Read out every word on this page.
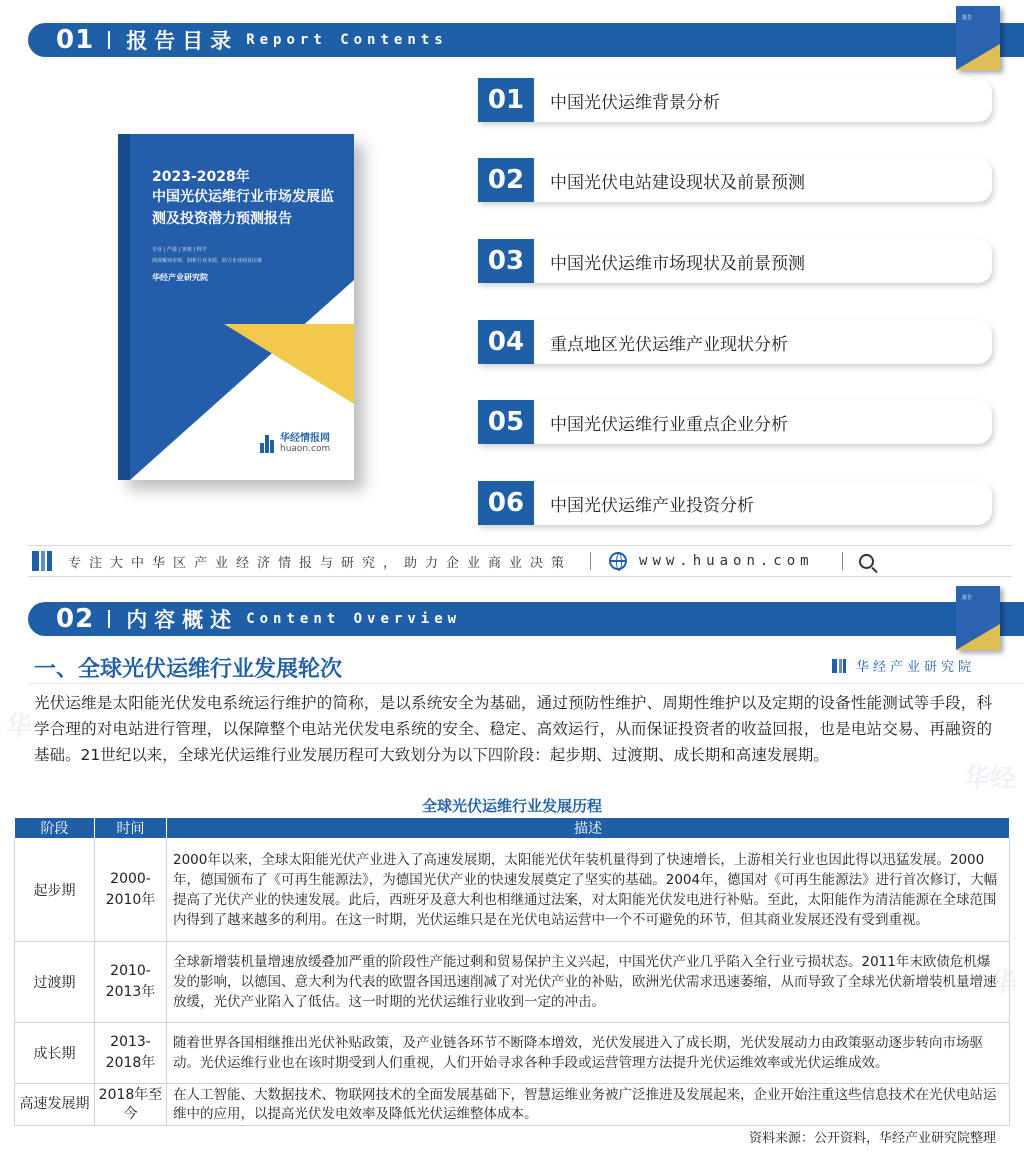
华
华经
华
01 报告目录 Report Contents
报告
2023-2028年
中国光伏运维行业市场发展监测及投资潜力预测报告
专业 | 严谨 | 客观 | 科学
深度解读市场，洞析行业本质，助力企业商业决策
华经产业研究院
华经情报网
huaon.com
01	中国光伏运维背景分析
02	中国光伏电站建设现状及前景预测
03	中国光伏运维市场现状及前景预测
04	重点地区光伏运维产业现状分析
05	中国光伏运维行业重点企业分析
06	中国光伏运维产业投资分析
专注大中华区产业经济情报与研究，助力企业商业决策	www.huaon.com
02 内容概述 Content Overview
报告
一、全球光伏运维行业发展轮次	华经产业研究院
光伏运维是太阳能光伏发电系统运行维护的简称，是以系统安全为基础，通过预防性维护、周期性维护以及定期的设备性能测试等手段，科学合理的对电站进行管理，以保障整个电站光伏发电系统的安全、稳定、高效运行，从而保证投资者的收益回报，也是电站交易、再融资的基础。21世纪以来，全球光伏运维行业发展历程可大致划分为以下四阶段：起步期、过渡期、成长期和高速发展期。
全球光伏运维行业发展历程
阶段	时间	描述
起步期	2000-2010年	2000年以来，全球太阳能光伏产业进入了高速发展期，太阳能光伏年装机量得到了快速增长，上游相关行业也因此得以迅猛发展。2000年，德国颁布了《可再生能源法》，为德国光伏产业的快速发展奠定了坚实的基础。2004年，德国对《可再生能源法》进行首次修订，大幅提高了光伏产业的快速发展。此后，西班牙及意大利也相继通过法案，对太阳能光伏发电进行补贴。至此，太阳能作为清洁能源在全球范围内得到了越来越多的利用。在这一时期，光伏运维只是在光伏电站运营中一个不可避免的环节，但其商业发展还没有受到重视。
过渡期	2010-2013年	全球新增装机量增速放缓叠加严重的阶段性产能过剩和贸易保护主义兴起，中国光伏产业几乎陷入全行业亏损状态。2011年末欧债危机爆发的影响，以德国、意大利为代表的欧盟各国迅速削减了对光伏产业的补贴，欧洲光伏需求迅速萎缩，从而导致了全球光伏新增装机量增速放缓，光伏产业陷入了低估。这一时期的光伏运维行业收到一定的冲击。
成长期	2013-2018年	随着世界各国相继推出光伏补贴政策，及产业链各环节不断降本增效，光伏发展进入了成长期，光伏发展动力由政策驱动逐步转向市场驱动。光伏运维行业也在该时期受到人们重视，人们开始寻求各种手段或运营管理方法提升光伏运维效率或光伏运维成效。
高速发展期	2018年至今	在人工智能、大数据技术、物联网技术的全面发展基础下，智慧运维业务被广泛推进及发展起来，企业开始注重这些信息技术在光伏电站运维中的应用，以提高光伏发电效率及降低光伏运维整体成本。
资料来源：公开资料，华经产业研究院整理
